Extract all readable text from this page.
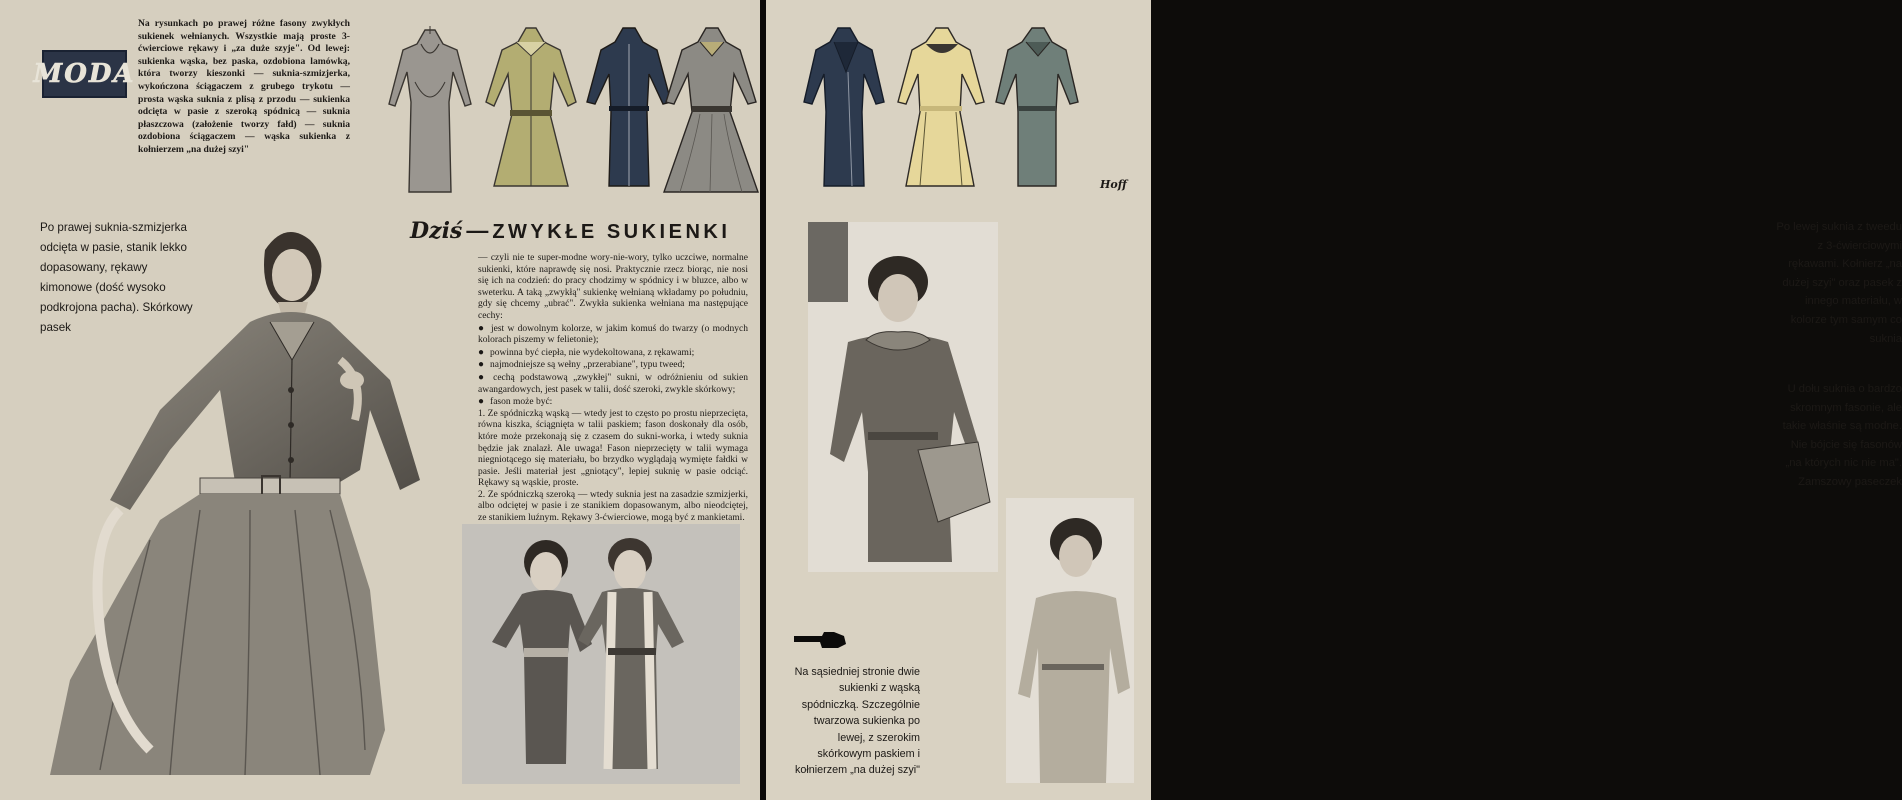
MODA
Na rysunkach po prawej różne fasony zwykłych sukienek wełnianych. Wszystkie mają proste 3-ćwierciowe rękawy i „za duże szyje". Od lewej: sukienka wąska, bez paska, ozdobiona lamówką, która tworzy kieszonki — suknia-szmizjerka, wykończona ściągaczem z grubego trykotu — prosta wąska suknia z plisą z przodu — sukienka odcięta w pasie z szeroką spódnicą — suknia płaszczowa (założenie tworzy fałd) — suknia ozdobiona ściągaczem — wąska sukienka z kołnierzem „na dużej szyi"
Po prawej suknia-szmizjerka odcięta w pasie, stanik lekko dopasowany, rękawy kimonowe (dość wysoko podkrojona pacha). Skórkowy pasek
Dziś — ZWYKŁE SUKIENKI

— czyli nie te super-modne wory-nie-wory, tylko uczciwe, normalne sukienki, które naprawdę się nosi. Praktycznie rzecz biorąc, nie nosi się ich na codzień: do pracy chodzimy w spódnicy i w bluzce, albo w sweterku. A taką „zwykłą" sukienkę wełnianą wkładamy po południu, gdy się chcemy „ubrać". Zwykła sukienka wełniana ma następujące cechy:

● jest w dowolnym kolorze, w jakim komuś do twarzy (o modnych kolorach piszemy w felietonie);

● powinna być ciepła, nie wydekoltowana, z rękawami;

● najmodniejsze są wełny „przerabiane", typu tweed;

● cechą podstawową „zwykłej" sukni, w odróżnieniu od sukien awangardowych, jest pasek w talii, dość szeroki, zwykle skórkowy;

● fason może być:

1. Ze spódniczką wąską — wtedy jest to często po prostu nieprzecięta, równa kiszka, ściągnięta w talii paskiem; fason doskonały dla osób, które może przekonają się z czasem do sukni-worka, i wtedy suknia będzie jak znalazł. Ale uwaga! Fason nieprzecięty w talii wymaga niegniotącego się materiału, bo brzydko wyglądają wymięte fałdki w pasie. Jeśli materiał jest „gniotący", lepiej suknię w pasie odciąć. Rękawy są wąskie, proste.

2. Ze spódniczką szeroką — wtedy suknia jest na zasadzie szmizjerki, albo odciętej w pasie i ze stanikiem dopasowanym, albo nieodciętej, ze stanikiem luźnym. Rękawy 3-ćwierciowe, mogą być z mankietami.

Po lewej suknia z tweedu z 3-ćwierciowymi rękawami. Kołnierz „na dużej szyi" oraz pasek z innego materiału, w kolorze tym samym co suknia
U dołu suknia o bardzo skromnym fasonie, ale takie właśnie są modne. Nie bójcie się fasonów „na których nic nie ma". Zamszowy paseczek
Na sąsiedniej stronie dwie sukienki z wąską spódniczką. Szczególnie twarzowa sukienka po lewej, z szerokim skórkowym paskiem i kołnierzem „na dużej szyi"
Hoff
